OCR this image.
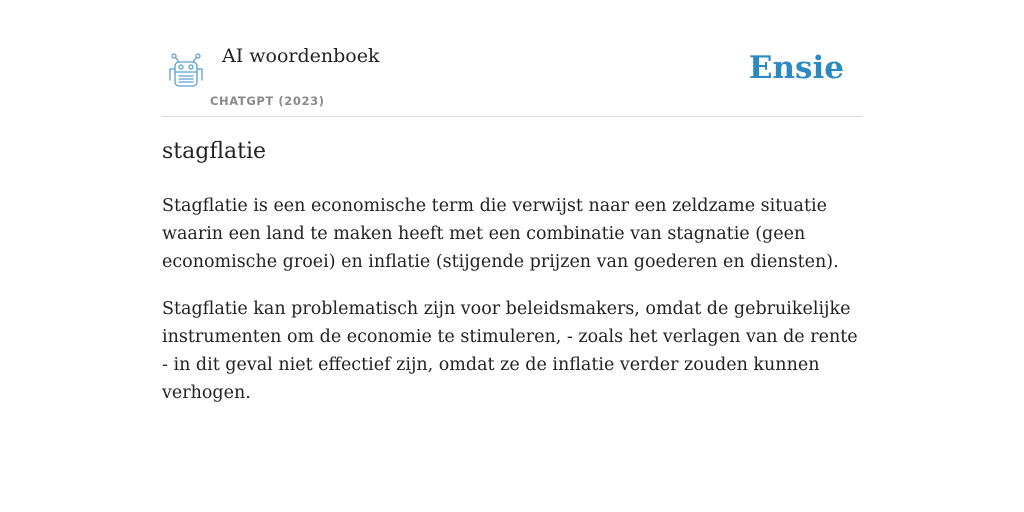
AI woordenboek
CHATGPT (2023)
Ensie
stagflatie

Stagflatie is een economische term die verwijst naar een zeldzame situatie waarin een land te maken heeft met een combinatie van stagnatie (geen economische groei) en inflatie (stijgende prijzen van goederen en diensten).

Stagflatie kan problematisch zijn voor beleidsmakers, omdat de gebruikelijke instrumenten om de economie te stimuleren, - zoals het verlagen van de rente - in dit geval niet effectief zijn, omdat ze de inflatie verder zouden kunnen verhogen.
